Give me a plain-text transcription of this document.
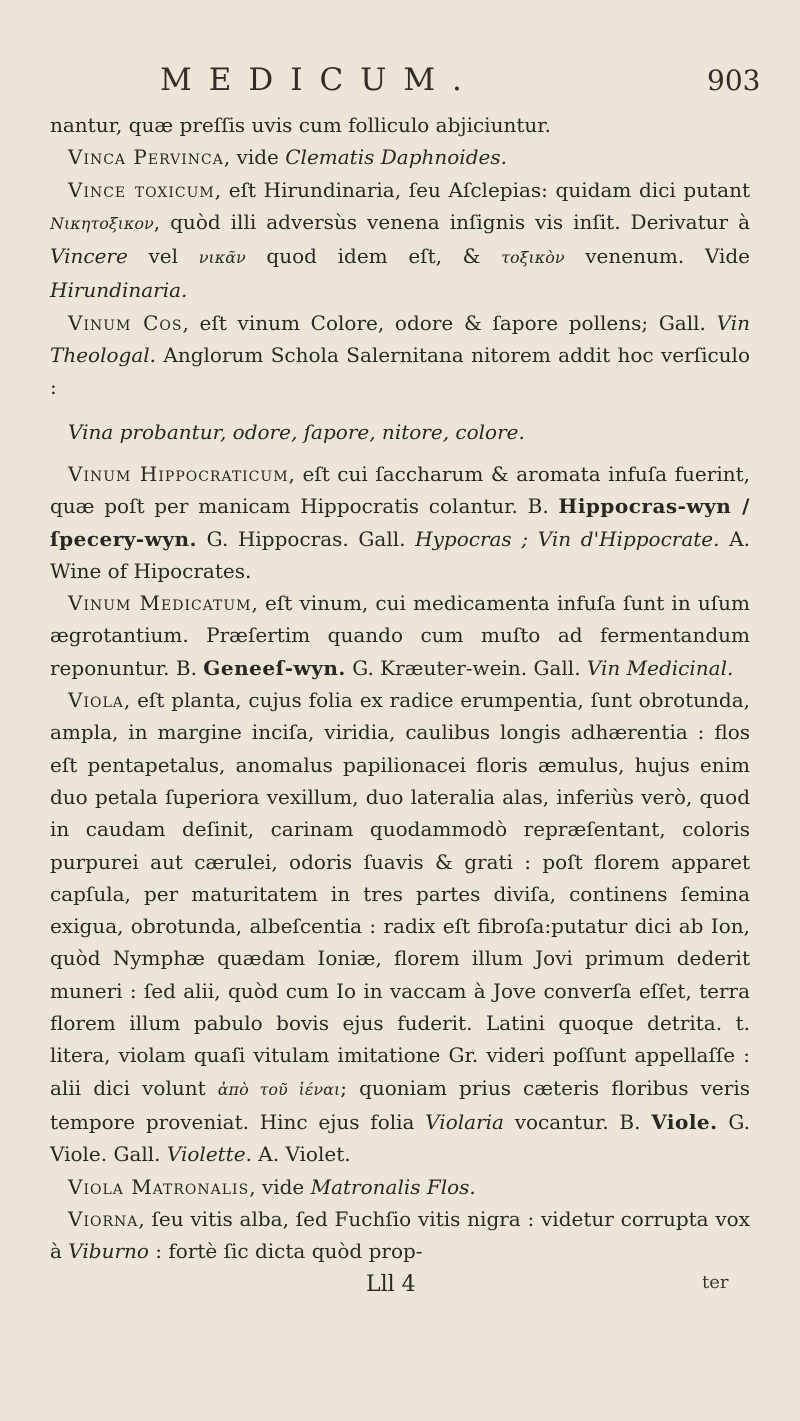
MEDICUM.	903

nantur, quæ preſſis uvis cum folliculo abjiciuntur.

Vinca Pervinca, vide Clematis Daphnoides.

Vince toxicum, eſt Hirundinaria, ſeu Aſclepias: quidam dici putant Νικητοξικον, quòd illi adversùs venena inſignis vis inſit. Derivatur à Vincere vel νικᾶν quod idem eſt, & τοξικὸν venenum. Vide Hirundinaria.

Vinum Cos, eſt vinum Colore, odore & ſapore pollens; Gall. Vin Theologal. Anglorum Schola Salernitana nitorem addit hoc verſiculo :

Vina probantur, odore, ſapore, nitore, colore.

Vinum Hippocraticum, eſt cui ſaccharum & aromata infuſa fuerint, quæ poſt per manicam Hippocratis colantur. B. Hippocras-wyn / ſpecery-wyn. G. Hippocras. Gall. Hypocras ; Vin d'Hippocrate. A. Wine of Hipocrates.

Vinum Medicatum, eſt vinum, cui medicamenta infuſa ſunt in uſum ægrotantium. Præſertim quando cum muſto ad fermentandum reponuntur. B. Geneeſ-wyn. G. Kræuter-wein. Gall. Vin Medicinal.

Viola, eſt planta, cujus folia ex radice erumpentia, ſunt obrotunda, ampla, in margine inciſa, viridia, caulibus longis adhærentia : flos eſt pentapetalus, anomalus papilionacei floris æmulus, hujus enim duo petala ſuperiora vexillum, duo lateralia alas, inferiùs verò, quod in caudam deſinit, carinam quodammodò repræſentant, coloris purpurei aut cærulei, odoris ſuavis & grati : poſt florem apparet capſula, per maturitatem in tres partes diviſa, continens ſemina exigua, obrotunda, albeſcentia : radix eſt fibroſa:putatur dici ab Ion, quòd Nymphæ quædam Ioniæ, florem illum Jovi primum dederit muneri : ſed alii, quòd cum Io in vaccam à Jove converſa eſſet, terra florem illum pabulo bovis ejus fuderit. Latini quoque detrita. t. litera, violam quaſi vitulam imitatione Gr. videri poſſunt appellaſſe : alii dici volunt ἀπὸ τοῦ ἱέναι; quoniam prius cæteris floribus veris tempore proveniat. Hinc ejus folia Violaria vocantur. B. Viole. G. Viole. Gall. Violette. A. Violet.

Viola Matronalis, vide Matronalis Flos.

Viorna, ſeu vitis alba, ſed Fuchſio vitis nigra : videtur corrupta vox à Viburno : fortè ſic dicta quòd prop-

Lll 4	ter
